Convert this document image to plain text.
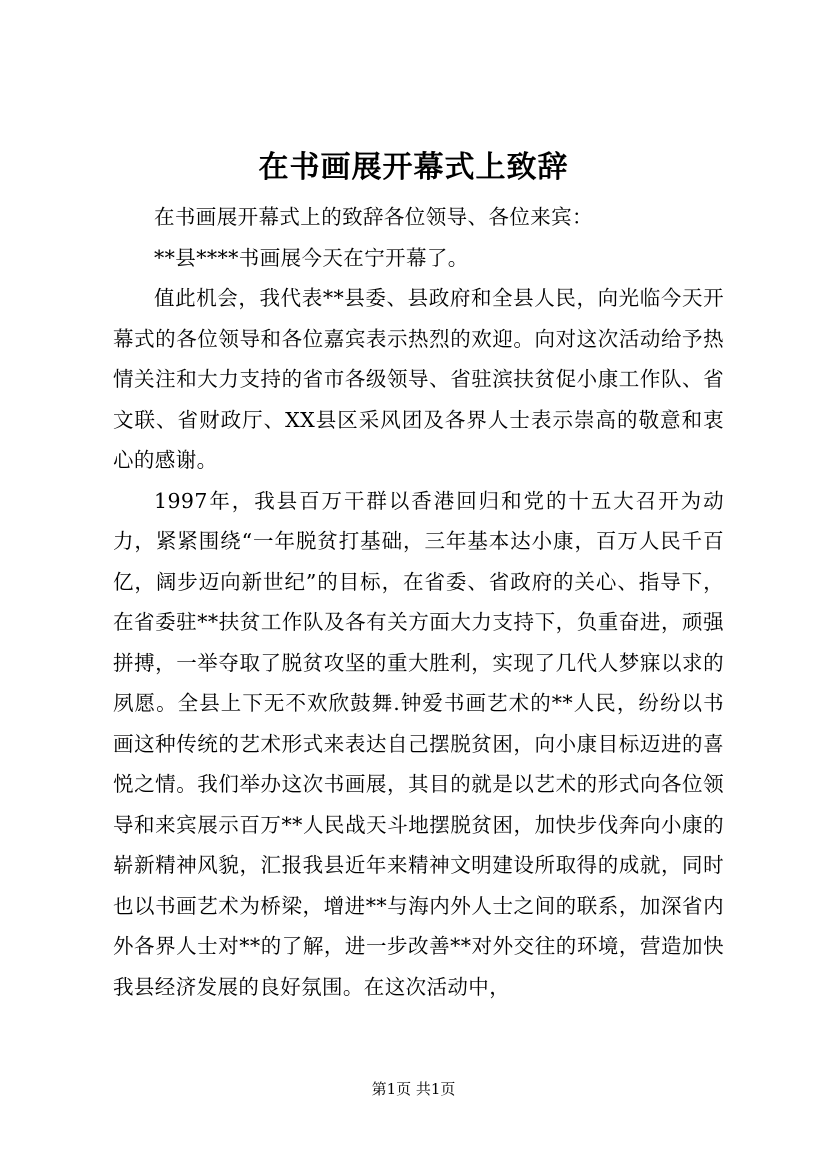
在书画展开幕式上致辞

在书画展开幕式上的致辞各位领导、各位来宾：

**县****书画展今天在宁开幕了。

值此机会，我代表**县委、县政府和全县人民，向光临今天开幕式的各位领导和各位嘉宾表示热烈的欢迎。向对这次活动给予热情关注和大力支持的省市各级领导、省驻滨扶贫促小康工作队、省文联、省财政厅、XX县区采风团及各界人士表示崇高的敬意和衷心的感谢。

1997年，我县百万干群以香港回归和党的十五大召开为动力，紧紧围绕“一年脱贫打基础，三年基本达小康，百万人民千百亿，阔步迈向新世纪”的目标，在省委、省政府的关心、指导下，在省委驻**扶贫工作队及各有关方面大力支持下，负重奋进，顽强拼搏，一举夺取了脱贫攻坚的重大胜利，实现了几代人梦寐以求的夙愿。全县上下无不欢欣鼓舞.钟爱书画艺术的**人民，纷纷以书画这种传统的艺术形式来表达自己摆脱贫困，向小康目标迈进的喜悦之情。我们举办这次书画展，其目的就是以艺术的形式向各位领导和来宾展示百万**人民战天斗地摆脱贫困，加快步伐奔向小康的崭新精神风貌，汇报我县近年来精神文明建设所取得的成就，同时也以书画艺术为桥梁，增进**与海内外人士之间的联系，加深省内外各界人士对**的了解，进一步改善**对外交往的环境，营造加快我县经济发展的良好氛围。在这次活动中，

第1页 共1页
